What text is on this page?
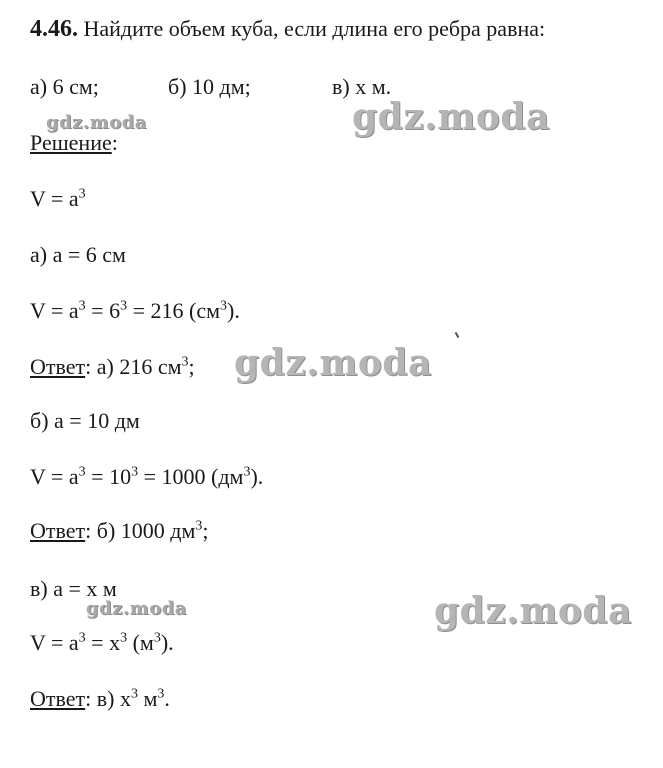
4.46. Найдите объем куба, если длина его ребра равна:
а) 6 см;	б) 10 дм;	в) x м.
Решение:
$V = a^3$
а) a = 6 см
$V = a^3 = 6^3 = 216$ $(см^3)$.
Ответ: а) 216 $см^3$;
б) a = 10 дм
$V = a^3 = 10^3 = 1000$ $(дм^3)$.
Ответ: б) 1000 $дм^3$;
в) a = x м
$V = a^3 = x^3$ $(м^3)$.
Ответ: в) $x^3$ $м^3$.
gdz.moda	gdz.moda
gdz.moda
gdz.moda	gdz.moda
